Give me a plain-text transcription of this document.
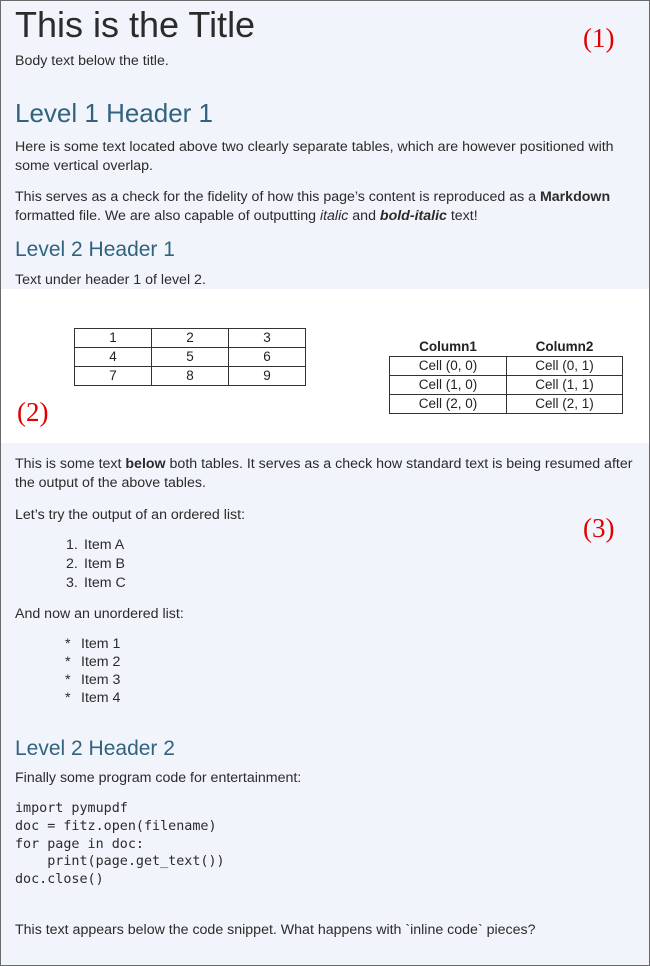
This is the Title	(1)
Body text below the title.
Level 1 Header 1
Here is some text located above two clearly separate tables, which are however positioned with some vertical overlap.
This serves as a check for the fidelity of how this page’s content is reproduced as a Markdown formatted file. We are also capable of outputting italic and bold-italic text!
Level 2 Header 1
Text under header 1 of level 2.
1	2	3
4	5	6
7	8	9
Column1	Column2
Cell (0, 0)	Cell (0, 1)
Cell (1, 0)	Cell (1, 1)
Cell (2, 0)	Cell (2, 1)
(2)
This is some text below both tables. It serves as a check how standard text is being resumed after the output of the above tables.
(3)
Let’s try the output of an ordered list:
1. Item A
2. Item B
3. Item C
And now an unordered list:
* Item 1
* Item 2
* Item 3
* Item 4
Level 2 Header 2
Finally some program code for entertainment:
import pymupdf
doc = fitz.open(filename)
for page in doc:
print(page.get_text())
doc.close()
This text appears below the code snippet. What happens with `inline code` pieces?
